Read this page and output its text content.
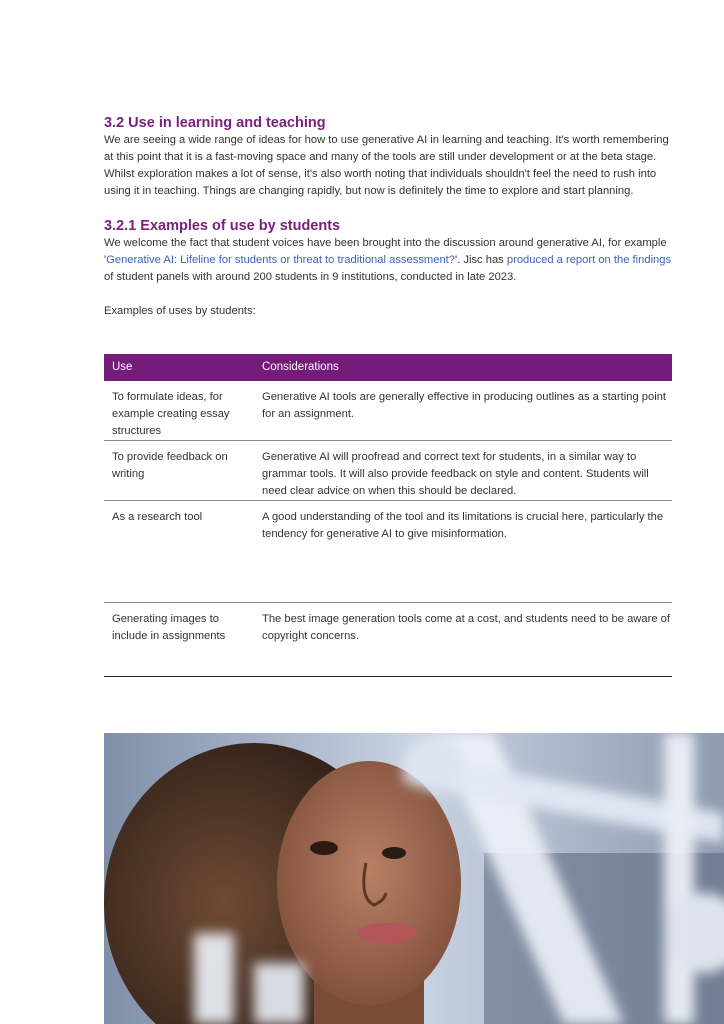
3.2 Use in learning and teaching

We are seeing a wide range of ideas for how to use generative AI in learning and teaching. It's worth remembering at this point that it is a fast-moving space and many of the tools are still under development or at the beta stage. Whilst exploration makes a lot of sense, it's also worth noting that individuals shouldn't feel the need to rush into using it in teaching. Things are changing rapidly, but now is definitely the time to explore and start planning.

3.2.1 Examples of use by students

We welcome the fact that student voices have been brought into the discussion around generative AI, for example 'Generative AI: Lifeline for students or threat to traditional assessment?'. Jisc has produced a report on the findings of student panels with around 200 students in 9 institutions, conducted in late 2023.

Examples of uses by students:

Use	Considerations
To formulate ideas, for example creating essay structures	Generative AI tools are generally effective in producing outlines as a starting point for an assignment.
To provide feedback on writing	Generative AI will proofread and correct text for students, in a similar way to grammar tools. It will also provide feedback on style and content. Students will need clear advice on when this should be declared.
As a research tool	A good understanding of the tool and its limitations is crucial here, particularly the tendency for generative AI to give misinformation.
Generating images to include in assignments	The best image generation tools come at a cost, and students need to be aware of copyright concerns.
